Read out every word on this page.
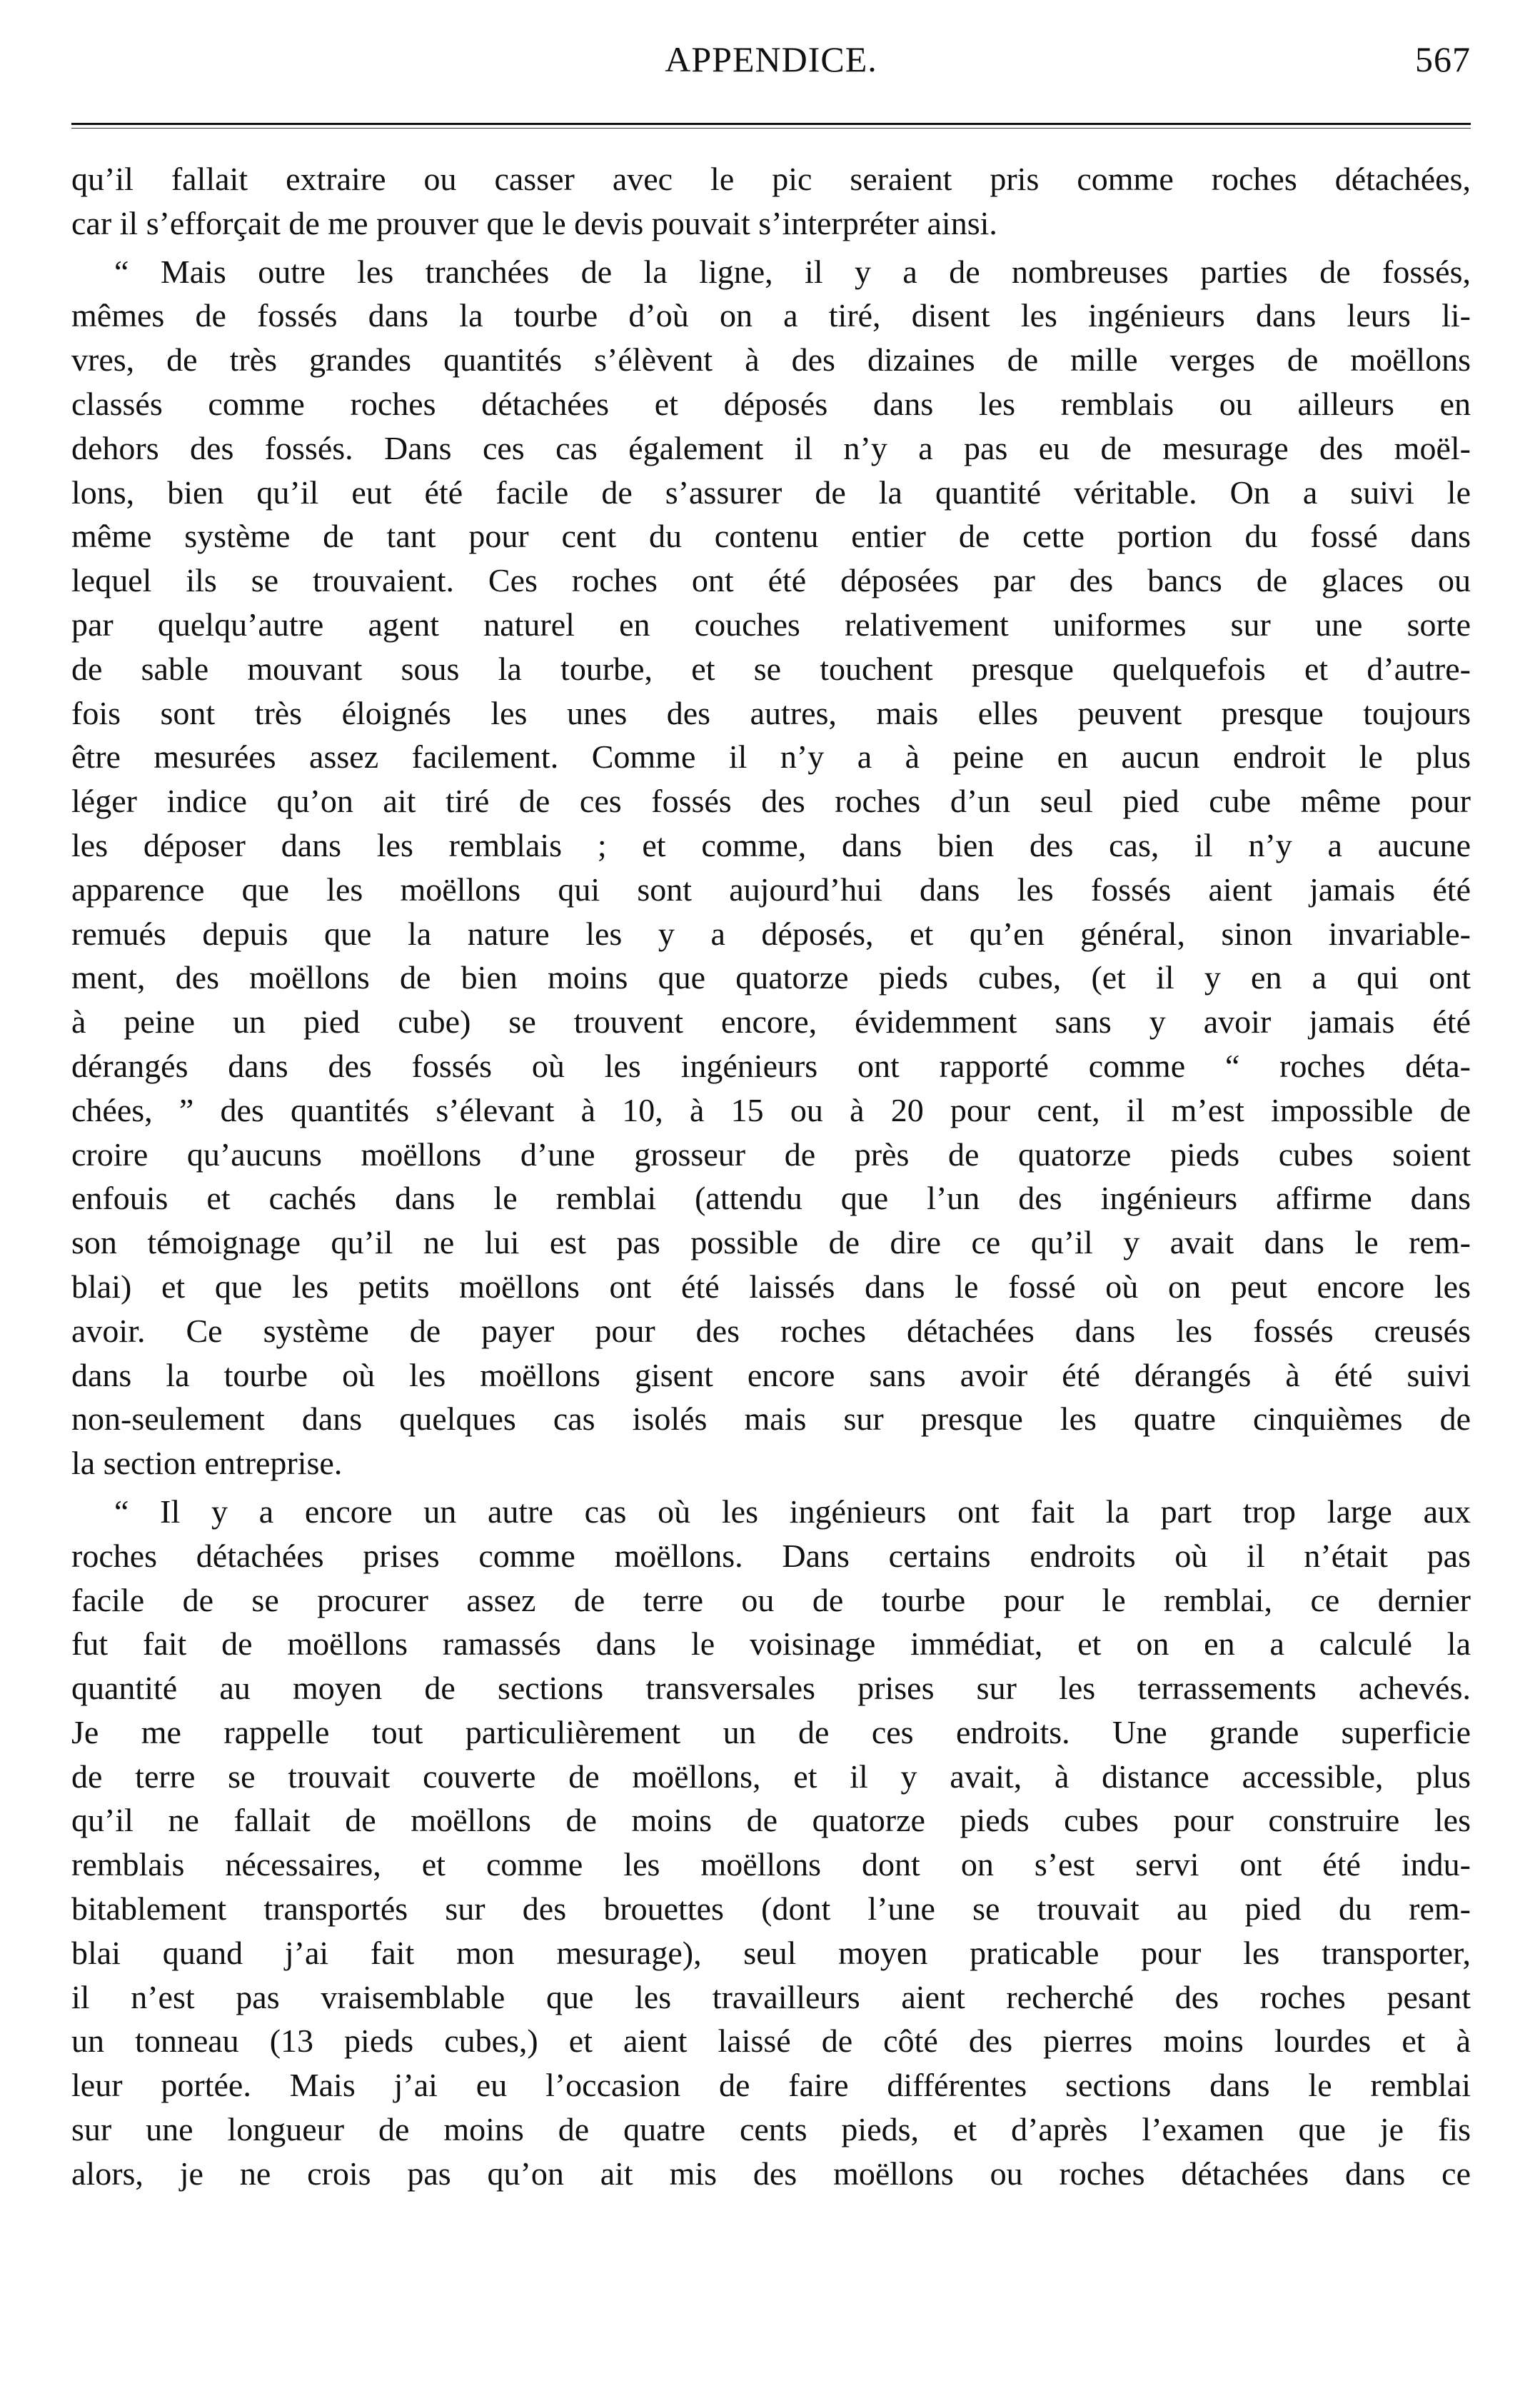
APPENDICE.	567

qu’il fallait extraire ou casser avec le pic seraient pris comme roches détachées,
car il s’efforçait de me prouver que le devis pouvait s’interpréter ainsi.

“ Mais outre les tranchées de la ligne, il y a de nombreuses parties de fossés,
mêmes de fossés dans la tourbe d’où on a tiré, disent les ingénieurs dans leurs li-
vres, de très grandes quantités s’élèvent à des dizaines de mille verges de moëllons
classés comme roches détachées et déposés dans les remblais ou ailleurs en
dehors des fossés. Dans ces cas également il n’y a pas eu de mesurage des moël-
lons, bien qu’il eut été facile de s’assurer de la quantité véritable. On a suivi le
même système de tant pour cent du contenu entier de cette portion du fossé dans
lequel ils se trouvaient. Ces roches ont été déposées par des bancs de glaces ou
par quelqu’autre agent naturel en couches relativement uniformes sur une sorte
de sable mouvant sous la tourbe, et se touchent presque quelquefois et d’autre-
fois sont très éloignés les unes des autres, mais elles peuvent presque toujours
être mesurées assez facilement. Comme il n’y a à peine en aucun endroit le plus
léger indice qu’on ait tiré de ces fossés des roches d’un seul pied cube même pour
les déposer dans les remblais ; et comme, dans bien des cas, il n’y a aucune
apparence que les moëllons qui sont aujourd’hui dans les fossés aient jamais été
remués depuis que la nature les y a déposés, et qu’en général, sinon invariable-
ment, des moëllons de bien moins que quatorze pieds cubes, (et il y en a qui ont
à peine un pied cube) se trouvent encore, évidemment sans y avoir jamais été
dérangés dans des fossés où les ingénieurs ont rapporté comme “ roches déta-
chées, ” des quantités s’élevant à 10, à 15 ou à 20 pour cent, il m’est impossible de
croire qu’aucuns moëllons d’une grosseur de près de quatorze pieds cubes soient
enfouis et cachés dans le remblai (attendu que l’un des ingénieurs affirme dans
son témoignage qu’il ne lui est pas possible de dire ce qu’il y avait dans le rem-
blai) et que les petits moëllons ont été laissés dans le fossé où on peut encore les
avoir. Ce système de payer pour des roches détachées dans les fossés creusés
dans la tourbe où les moëllons gisent encore sans avoir été dérangés à été suivi
non-seulement dans quelques cas isolés mais sur presque les quatre cinquièmes de
la section entreprise.

“ Il y a encore un autre cas où les ingénieurs ont fait la part trop large aux
roches détachées prises comme moëllons. Dans certains endroits où il n’était pas
facile de se procurer assez de terre ou de tourbe pour le remblai, ce dernier
fut fait de moëllons ramassés dans le voisinage immédiat, et on en a calculé la
quantité au moyen de sections transversales prises sur les terrassements achevés.
Je me rappelle tout particulièrement un de ces endroits. Une grande superficie
de terre se trouvait couverte de moëllons, et il y avait, à distance accessible, plus
qu’il ne fallait de moëllons de moins de quatorze pieds cubes pour construire les
remblais nécessaires, et comme les moëllons dont on s’est servi ont été indu-
bitablement transportés sur des brouettes (dont l’une se trouvait au pied du rem-
blai quand j’ai fait mon mesurage), seul moyen praticable pour les transporter,
il n’est pas vraisemblable que les travailleurs aient recherché des roches pesant
un tonneau (13 pieds cubes,) et aient laissé de côté des pierres moins lourdes et à
leur portée. Mais j’ai eu l’occasion de faire différentes sections dans le remblai
sur une longueur de moins de quatre cents pieds, et d’après l’examen que je fis
alors, je ne crois pas qu’on ait mis des moëllons ou roches détachées dans ce
